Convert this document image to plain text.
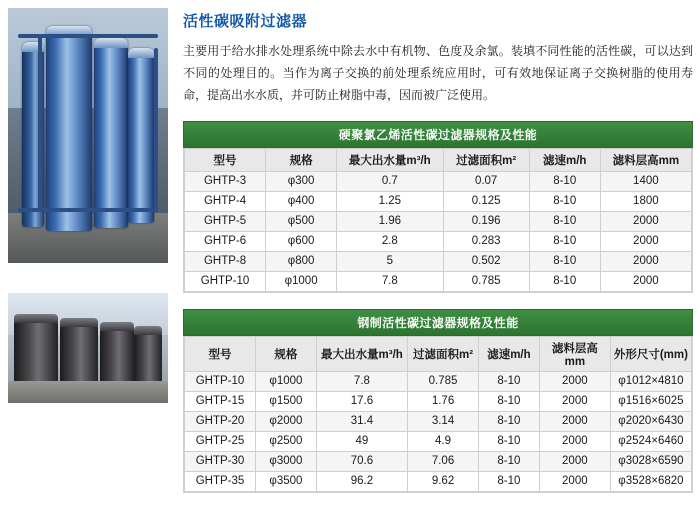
活性碳吸附过滤器

主要用于给水排水处理系统中除去水中有机物、色度及余氯。装填不同性能的活性碳，可以达到不同的处理目的。当作为离子交换的前处理系统应用时，可有效地保证离子交换树脂的使用寿命，提高出水水质，并可防止树脂中毒，因而被广泛使用。

硬聚氯乙烯活性碳过滤器规格及性能
型号	规格	最大出水量m³/h	过滤面积m²	滤速m/h	滤料层高mm
GHTP-3	φ300	0.7	0.07	8-10	1400
GHTP-4	φ400	1.25	0.125	8-10	1800
GHTP-5	φ500	1.96	0.196	8-10	2000
GHTP-6	φ600	2.8	0.283	8-10	2000
GHTP-8	φ800	5	0.502	8-10	2000
GHTP-10	φ1000	7.8	0.785	8-10	2000
钢制活性碳过滤器规格及性能
型号	规格	最大出水量m³/h	过滤面积m²	滤速m/h	滤料层高mm	外形尺寸(mm)
GHTP-10	φ1000	7.8	0.785	8-10	2000	φ1012×4810
GHTP-15	φ1500	17.6	1.76	8-10	2000	φ1516×6025
GHTP-20	φ2000	31.4	3.14	8-10	2000	φ2020×6430
GHTP-25	φ2500	49	4.9	8-10	2000	φ2524×6460
GHTP-30	φ3000	70.6	7.06	8-10	2000	φ3028×6590
GHTP-35	φ3500	96.2	9.62	8-10	2000	φ3528×6820
